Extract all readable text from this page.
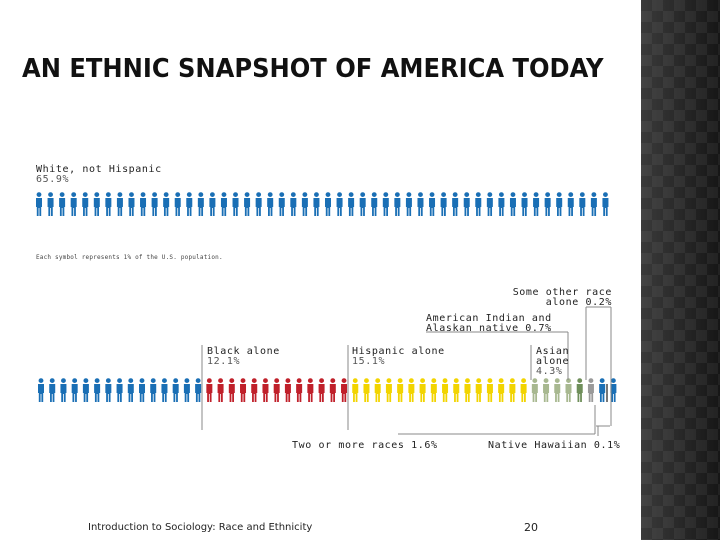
AN ETHNIC SNAPSHOT OF AMERICA TODAY
White, not Hispanic
65.9%
Each symbol represents 1% of the U.S. population.
Some other race
alone 0.2%
American Indian and
Alaskan native 0.7%
Black alone
12.1%
Hispanic alone
15.1%
Asian
alone
4.3%
Two or more races 1.6%	Native Hawaiian 0.1%
Introduction to Sociology: Race and Ethnicity	20
